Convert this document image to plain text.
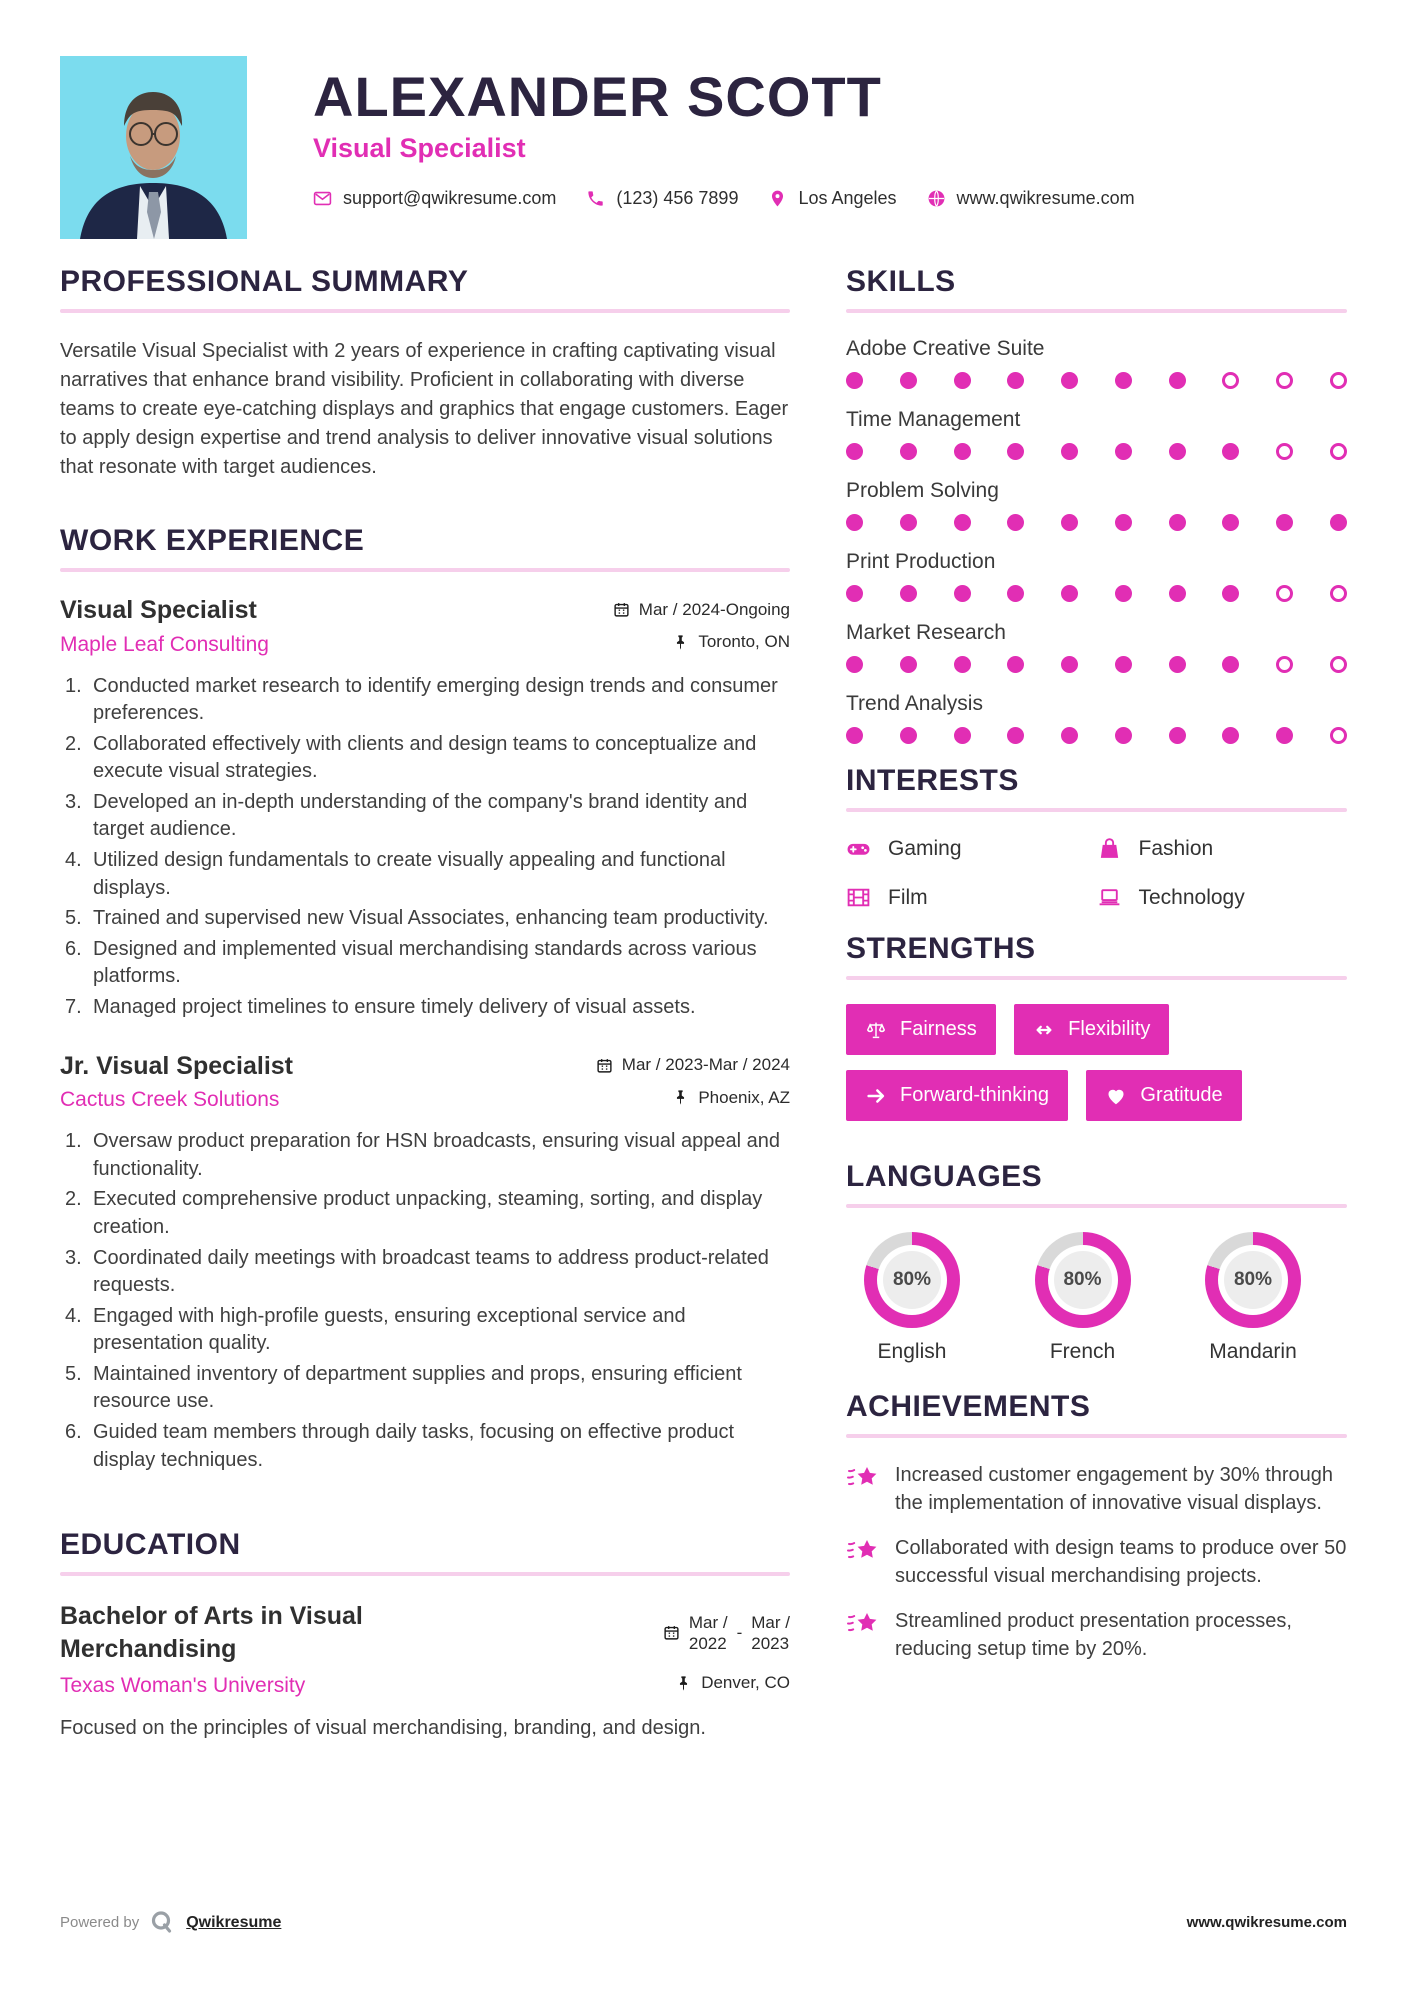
ALEXANDER SCOTT
Visual Specialist
support@qwikresume.com	(123) 456 7899	Los Angeles	www.qwikresume.com
PROFESSIONAL SUMMARY

Versatile Visual Specialist with 2 years of experience in crafting captivating visual narratives that enhance brand visibility. Proficient in collaborating with diverse teams to create eye-catching displays and graphics that engage customers. Eager to apply design expertise and trend analysis to deliver innovative visual solutions that resonate with target audiences.

WORK EXPERIENCE
Visual Specialist	Mar / 2024-Ongoing
Maple Leaf Consulting	Toronto, ON
Conducted market research to identify emerging design trends and consumer preferences.
Collaborated effectively with clients and design teams to conceptualize and execute visual strategies.
Developed an in-depth understanding of the company's brand identity and target audience.
Utilized design fundamentals to create visually appealing and functional displays.
Trained and supervised new Visual Associates, enhancing team productivity.
Designed and implemented visual merchandising standards across various platforms.
Managed project timelines to ensure timely delivery of visual assets.
Jr. Visual Specialist	Mar / 2023-Mar / 2024
Cactus Creek Solutions	Phoenix, AZ
Oversaw product preparation for HSN broadcasts, ensuring visual appeal and functionality.
Executed comprehensive product unpacking, steaming, sorting, and display creation.
Coordinated daily meetings with broadcast teams to address product-related requests.
Engaged with high-profile guests, ensuring exceptional service and presentation quality.
Maintained inventory of department supplies and props, ensuring efficient resource use.
Guided team members through daily tasks, focusing on effective product display techniques.
EDUCATION
Bachelor of Arts in Visual Merchandising
Mar /
2022
-
Mar /
2023
Texas Woman's University	Denver, CO

Focused on the principles of visual merchandising, branding, and design.

SKILLS
Adobe Creative Suite
Time Management
Problem Solving
Print Production
Market Research
Trend Analysis
INTERESTS
Gaming	Fashion
Film	Technology
STRENGTHS
Fairness
	Flexibility

Forward-thinking
	Gratitude
LANGUAGES
80%
English
80%
French
80%
Mandarin
ACHIEVEMENTS

Increased customer engagement by 30% through the implementation of innovative visual displays.

Collaborated with design teams to produce over 50 successful visual merchandising projects.

Streamlined product presentation processes, reducing setup time by 20%.

Powered by	Qwikresume	www.qwikresume.com
